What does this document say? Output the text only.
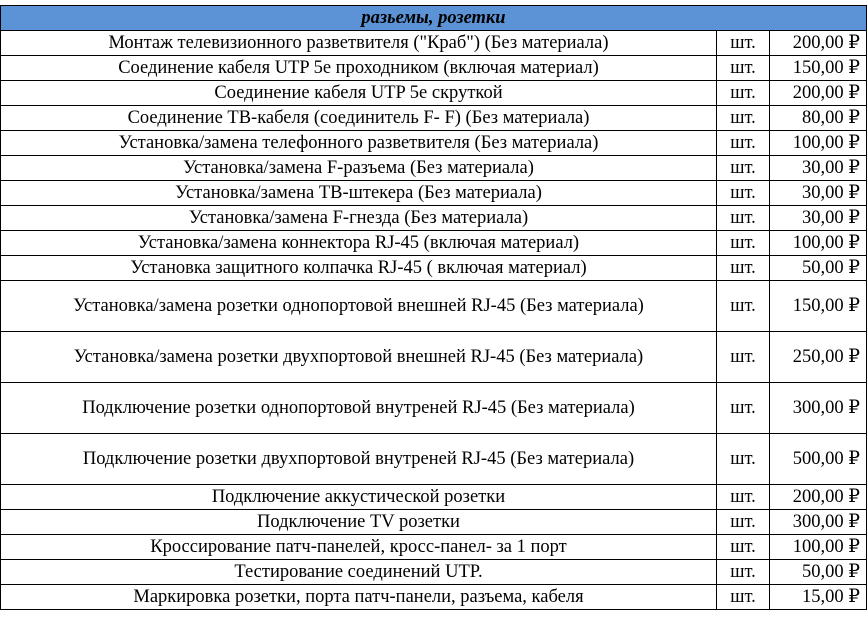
разьемы, розетки		
Монтаж телевизионного разветвителя ("Краб") (Без материала)	шт.	200,00 ₽
Соединение кабеля UTP 5е проходником (включая материал)	шт.	150,00 ₽
Соединение кабеля UTP 5е скруткой	шт.	200,00 ₽
Соединение ТВ-кабеля (соединитель F- F) (Без материала)	шт.	80,00 ₽
Установка/замена телефонного разветвителя (Без материала)	шт.	100,00 ₽
Установка/замена F-разъема (Без материала)	шт.	30,00 ₽
Установка/замена ТВ-штекера (Без материала)	шт.	30,00 ₽
Установка/замена F-гнезда (Без материала)	шт.	30,00 ₽
Установка/замена коннектора RJ-45 (включая материал)	шт.	100,00 ₽
Установка защитного колпачка RJ-45 ( включая материал)	шт.	50,00 ₽
Установка/замена розетки однопортовой внешней RJ-45 (Без материала)	шт.	150,00 ₽
Установка/замена розетки двухпортовой внешней RJ-45 (Без материала)	шт.	250,00 ₽
Подключение розетки однопортовой внутреней RJ-45 (Без материала)	шт.	300,00 ₽
Подключение розетки двухпортовой внутреней RJ-45 (Без материала)	шт.	500,00 ₽
Подключение аккустической розетки	шт.	200,00 ₽
Подключение TV розетки	шт.	300,00 ₽
Кроссирование патч-панелей, кросс-панел- за 1 порт	шт.	100,00 ₽
Тестирование соединений UTP.	шт.	50,00 ₽
Маркировка розетки, порта патч-панели, разъема, кабеля	шт.	15,00 ₽
